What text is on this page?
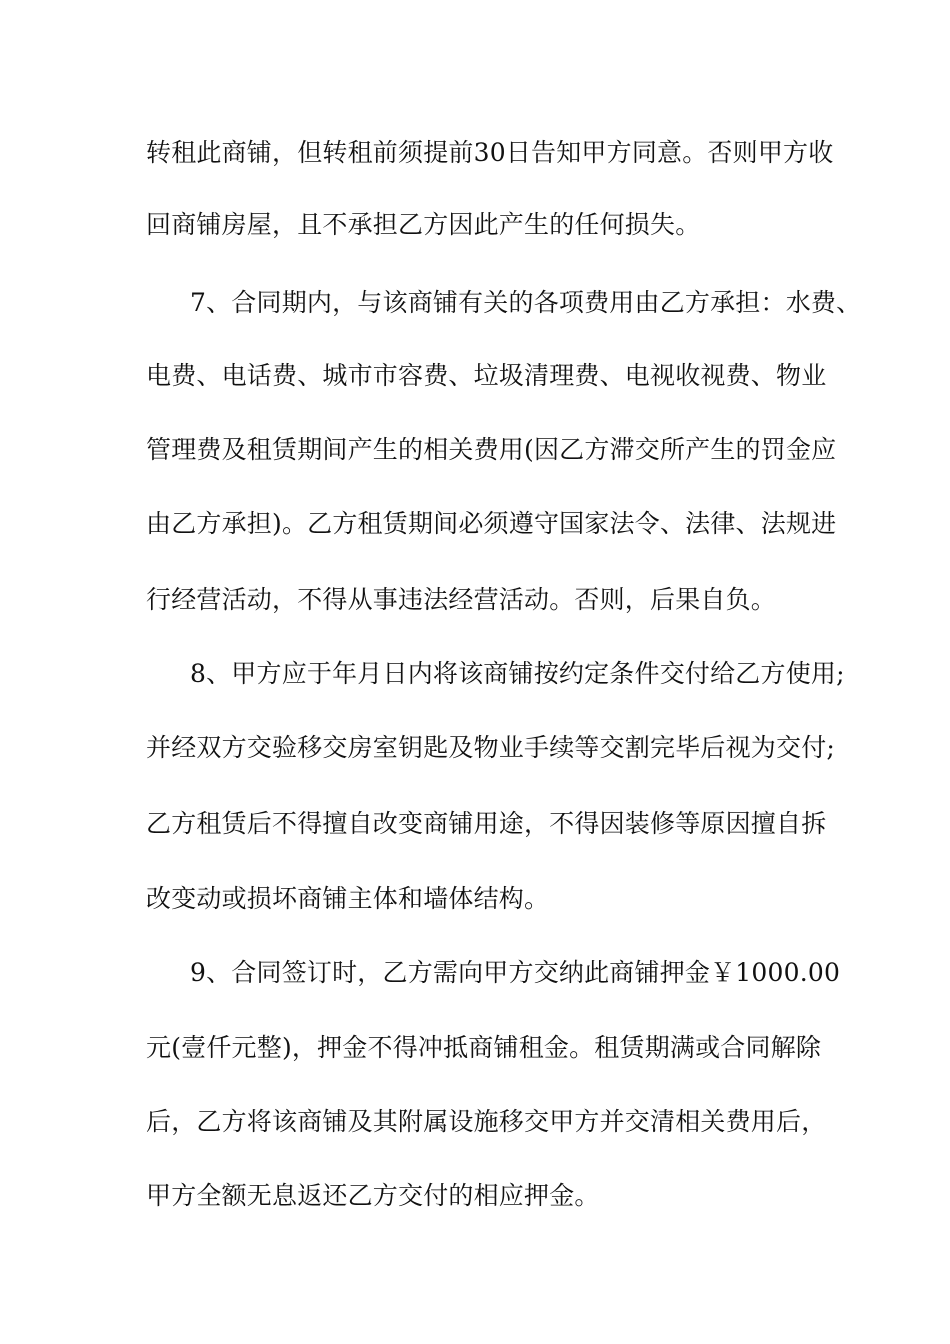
转租此商铺，但转租前须提前30日告知甲方同意。否则甲方收
回商铺房屋，且不承担乙方因此产生的任何损失。
7、合同期内，与该商铺有关的各项费用由乙方承担：水费、
电费、电话费、城市市容费、垃圾清理费、电视收视费、物业
管理费及租赁期间产生的相关费用(因乙方滞交所产生的罚金应
由乙方承担)。乙方租赁期间必须遵守国家法令、法律、法规进
行经营活动，不得从事违法经营活动。否则，后果自负。
8、甲方应于年月日内将该商铺按约定条件交付给乙方使用;
并经双方交验移交房室钥匙及物业手续等交割完毕后视为交付;
乙方租赁后不得擅自改变商铺用途，不得因装修等原因擅自拆
改变动或损坏商铺主体和墙体结构。
9、合同签订时，乙方需向甲方交纳此商铺押金￥1000.00
元(壹仟元整)，押金不得冲抵商铺租金。租赁期满或合同解除
后，乙方将该商铺及其附属设施移交甲方并交清相关费用后，
甲方全额无息返还乙方交付的相应押金。
